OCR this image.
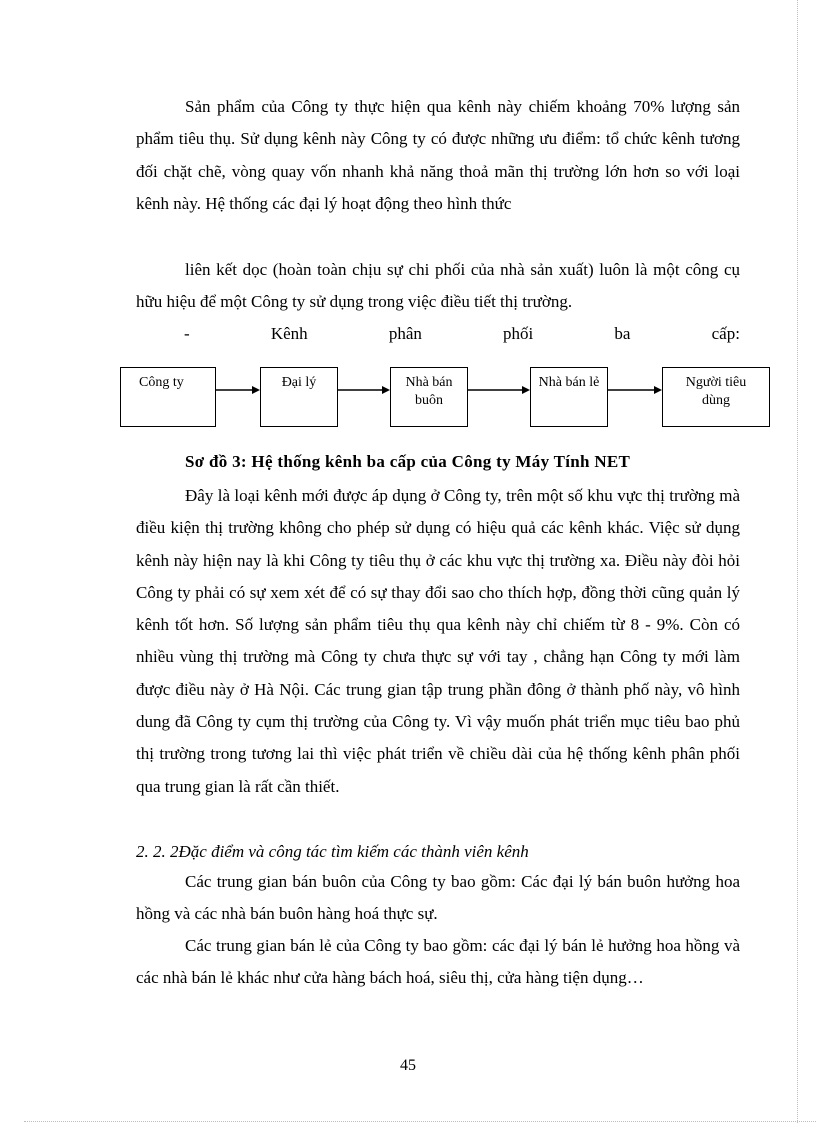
Sản phẩm của Công ty thực hiện qua kênh này chiếm khoảng 70% lượng sản phẩm tiêu thụ. Sử dụng kênh này Công ty có được những ưu điểm: tổ chức kênh tương đối chặt chẽ, vòng quay vốn nhanh khả năng thoả mãn thị trường lớn hơn so với loại kênh này. Hệ thống các đại lý hoạt động theo hình thức

liên kết dọc (hoàn toàn chịu sự chi phối của nhà sản xuất) luôn là một công cụ hữu hiệu để một Công ty sử dụng trong việc điều tiết thị trường.

-	Kênh	phân	phối	ba	cấp:
Công ty	Đại lý	Nhà bán buôn
Nhà bán lẻ	Người tiêu dùng
Sơ đồ 3: Hệ thống kênh ba cấp của Công ty Máy Tính NET

Đây là loại kênh mới được áp dụng ở Công ty, trên một số khu vực thị trường mà điều kiện thị trường không cho phép sử dụng có hiệu quả các kênh khác. Việc sử dụng kênh này hiện nay là khi Công ty tiêu thụ ở các khu vực thị trường xa. Điều này đòi hỏi Công ty phải có sự xem xét để có sự thay đổi sao cho thích hợp, đồng thời cũng quản lý kênh tốt hơn. Số lượng sản phẩm tiêu thụ qua kênh này chỉ chiếm từ 8 - 9%. Còn có nhiều vùng thị trường mà Công ty chưa thực sự với tay , chẳng hạn Công ty mới làm được điều này ở Hà Nội. Các trung gian tập trung phần đông ở thành phố này, vô hình dung đã Công ty cụm thị trường của Công ty. Vì vậy muốn phát triển mục tiêu bao phủ thị trường trong tương lai thì việc phát triển về chiều dài của hệ thống kênh phân phối qua trung gian là rất cần thiết.

2. 2. 2Đặc điểm và công tác tìm kiếm các thành viên kênh

Các trung gian bán buôn của Công ty bao gồm: Các đại lý bán buôn hưởng hoa hồng và các nhà bán buôn hàng hoá thực sự.

Các trung gian bán lẻ của Công ty bao gồm: các đại lý bán lẻ hưởng hoa hồng và các nhà bán lẻ khác như cửa hàng bách hoá, siêu thị, cửa hàng tiện dụng…

45
